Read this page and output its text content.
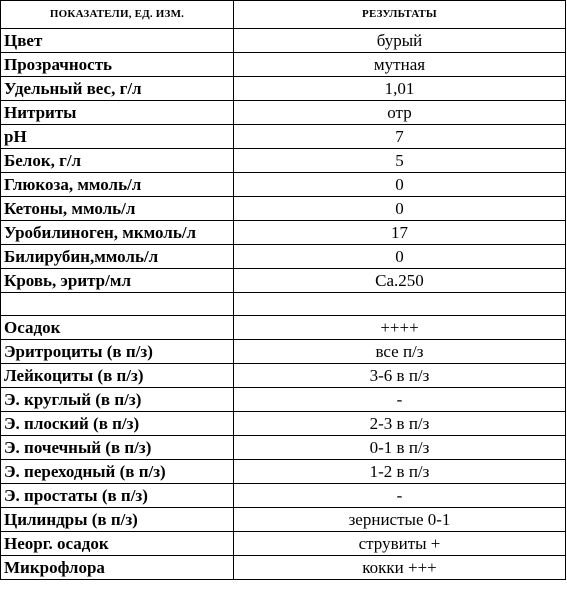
ПОКАЗАТЕЛИ, ЕД. ИЗМ.	РЕЗУЛЬТАТЫ
Цвет	бурый
Прозрачность	мутная
Удельный вес, г/л	1,01
Нитриты	отр
pH	7
Белок, г/л	5
Глюкоза, ммоль/л	0
Кетоны, ммоль/л	0
Уробилиноген, мкмоль/л	17
Билирубин,ммоль/л	0
Кровь, эритр/мл	Са.250

Осадок	++++
Эритроциты (в п/з)	все п/з
Лейкоциты (в п/з)	3-6 в п/з
Э. круглый (в п/з)	-
Э. плоский (в п/з)	2-3 в п/з
Э. почечный (в п/з)	0-1 в п/з
Э. переходный (в п/з)	1-2 в п/з
Э. простаты (в п/з)	-
Цилиндры (в п/з)	зернистые 0-1
Неорг. осадок	струвиты +
Микрофлора	кокки +++
